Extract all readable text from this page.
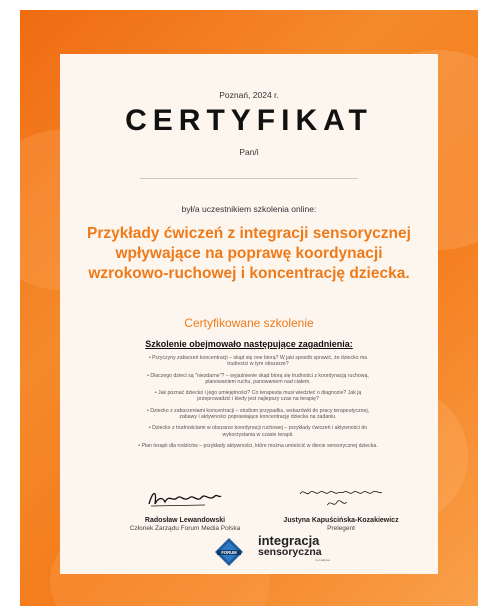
Poznań, 2024 r.
CERTYFIKAT
Pan/i
był/a uczestnikiem szkolenia online:
Przykłady ćwiczeń z integracji sensorycznej wpływające na poprawę koordynacji wzrokowo-ruchowej i koncentrację dziecka.
Certyfikowane szkolenie
Szkolenie obejmowało następujące zagadnienia:
• Przyczyny zaburzeń koncentracji – skąd się one biorą? W jaki sposób sprawić, że dziecko ma trudności w tym obszarze?
• Dlaczego dzieci są "niezdarne"? – wyjaśnienie skąd biorą się trudności z koordynacją ruchową, planowaniem ruchu, panowaniem nad ciałem.
• Jak poznać dziecko i jego umiejętności? Co terapeuta musi wiedzieć o diagnozie? Jak ją przeprowadzić i kiedy jest najlepszy czas na terapię?
• Dziecko z zaburzeniami koncentracji – studium przypadku, wskazówki do pracy terapeutycznej, zabawy i aktywności poprawiające koncentrację dziecka na zadaniu.
• Dziecko z trudnościami w obszarze koordynacji ruchowej – przykłady ćwiczeń i aktywności do wykorzystania w czasie terapii.
• Plan terapii dla rodziców – przykłady aktywności, które można umieścić w diecie sensorycznej dziecka.
Radosław Lewandowski
Członek Zarządu Forum Media Polska
Justyna Kapuścińska-Kozakiewicz
Prelegent
FORUM
integracja
sensoryczna
w praktyce
